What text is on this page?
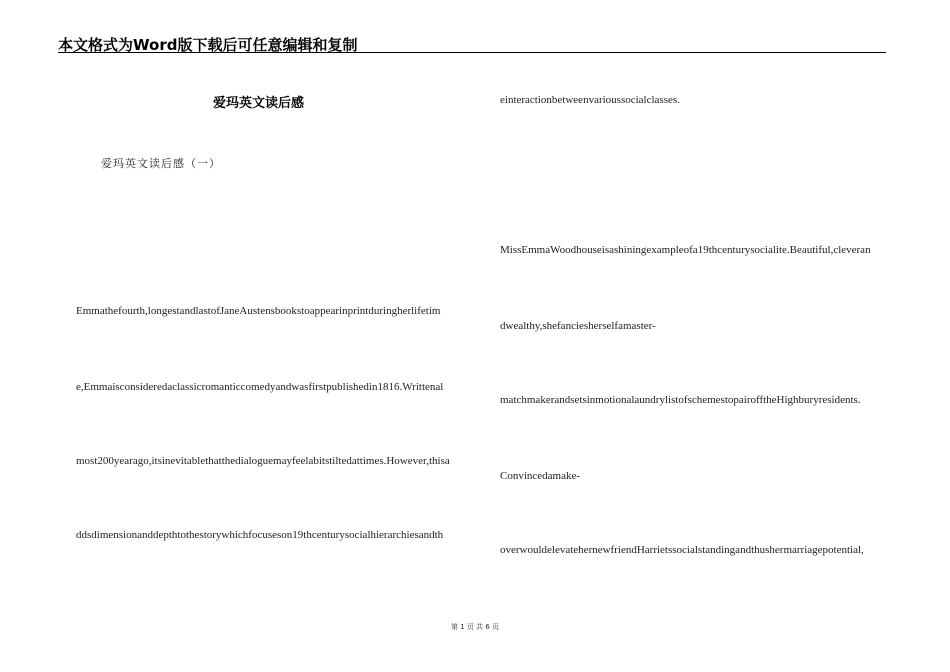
本文格式为Word版下载后可任意编辑和复制
爱玛英文读后感
爱玛英文读后感（一）
Emmathefourth,longestandlastofJaneAustensbookstoappearinprintduringherlifetim
e,Emmaisconsideredaclassicromanticcomedyandwasfirstpublishedin1816.Writtenal
most200yearago,itsinevitablethatthedialoguemayfeelabitstiltedattimes.However,thisa
ddsdimensionanddepthtothestorywhichfocuseson19thcenturysocialhierarchiesandth
einteractionbetweenvarioussocialclasses.
MissEmmaWoodhouseisashiningexampleofa19thcenturysocialite.Beautiful,cleveran
dwealthy,shefanciesherselfamaster-
matchmakerandsetsinmotionalaundrylistofschemestopairofftheHighburyresidents.
Convincedamake-
overwouldelevatehernewfriendHarrietssocialstandingandthushermarriagepotential,
第 1 页 共 6 页
